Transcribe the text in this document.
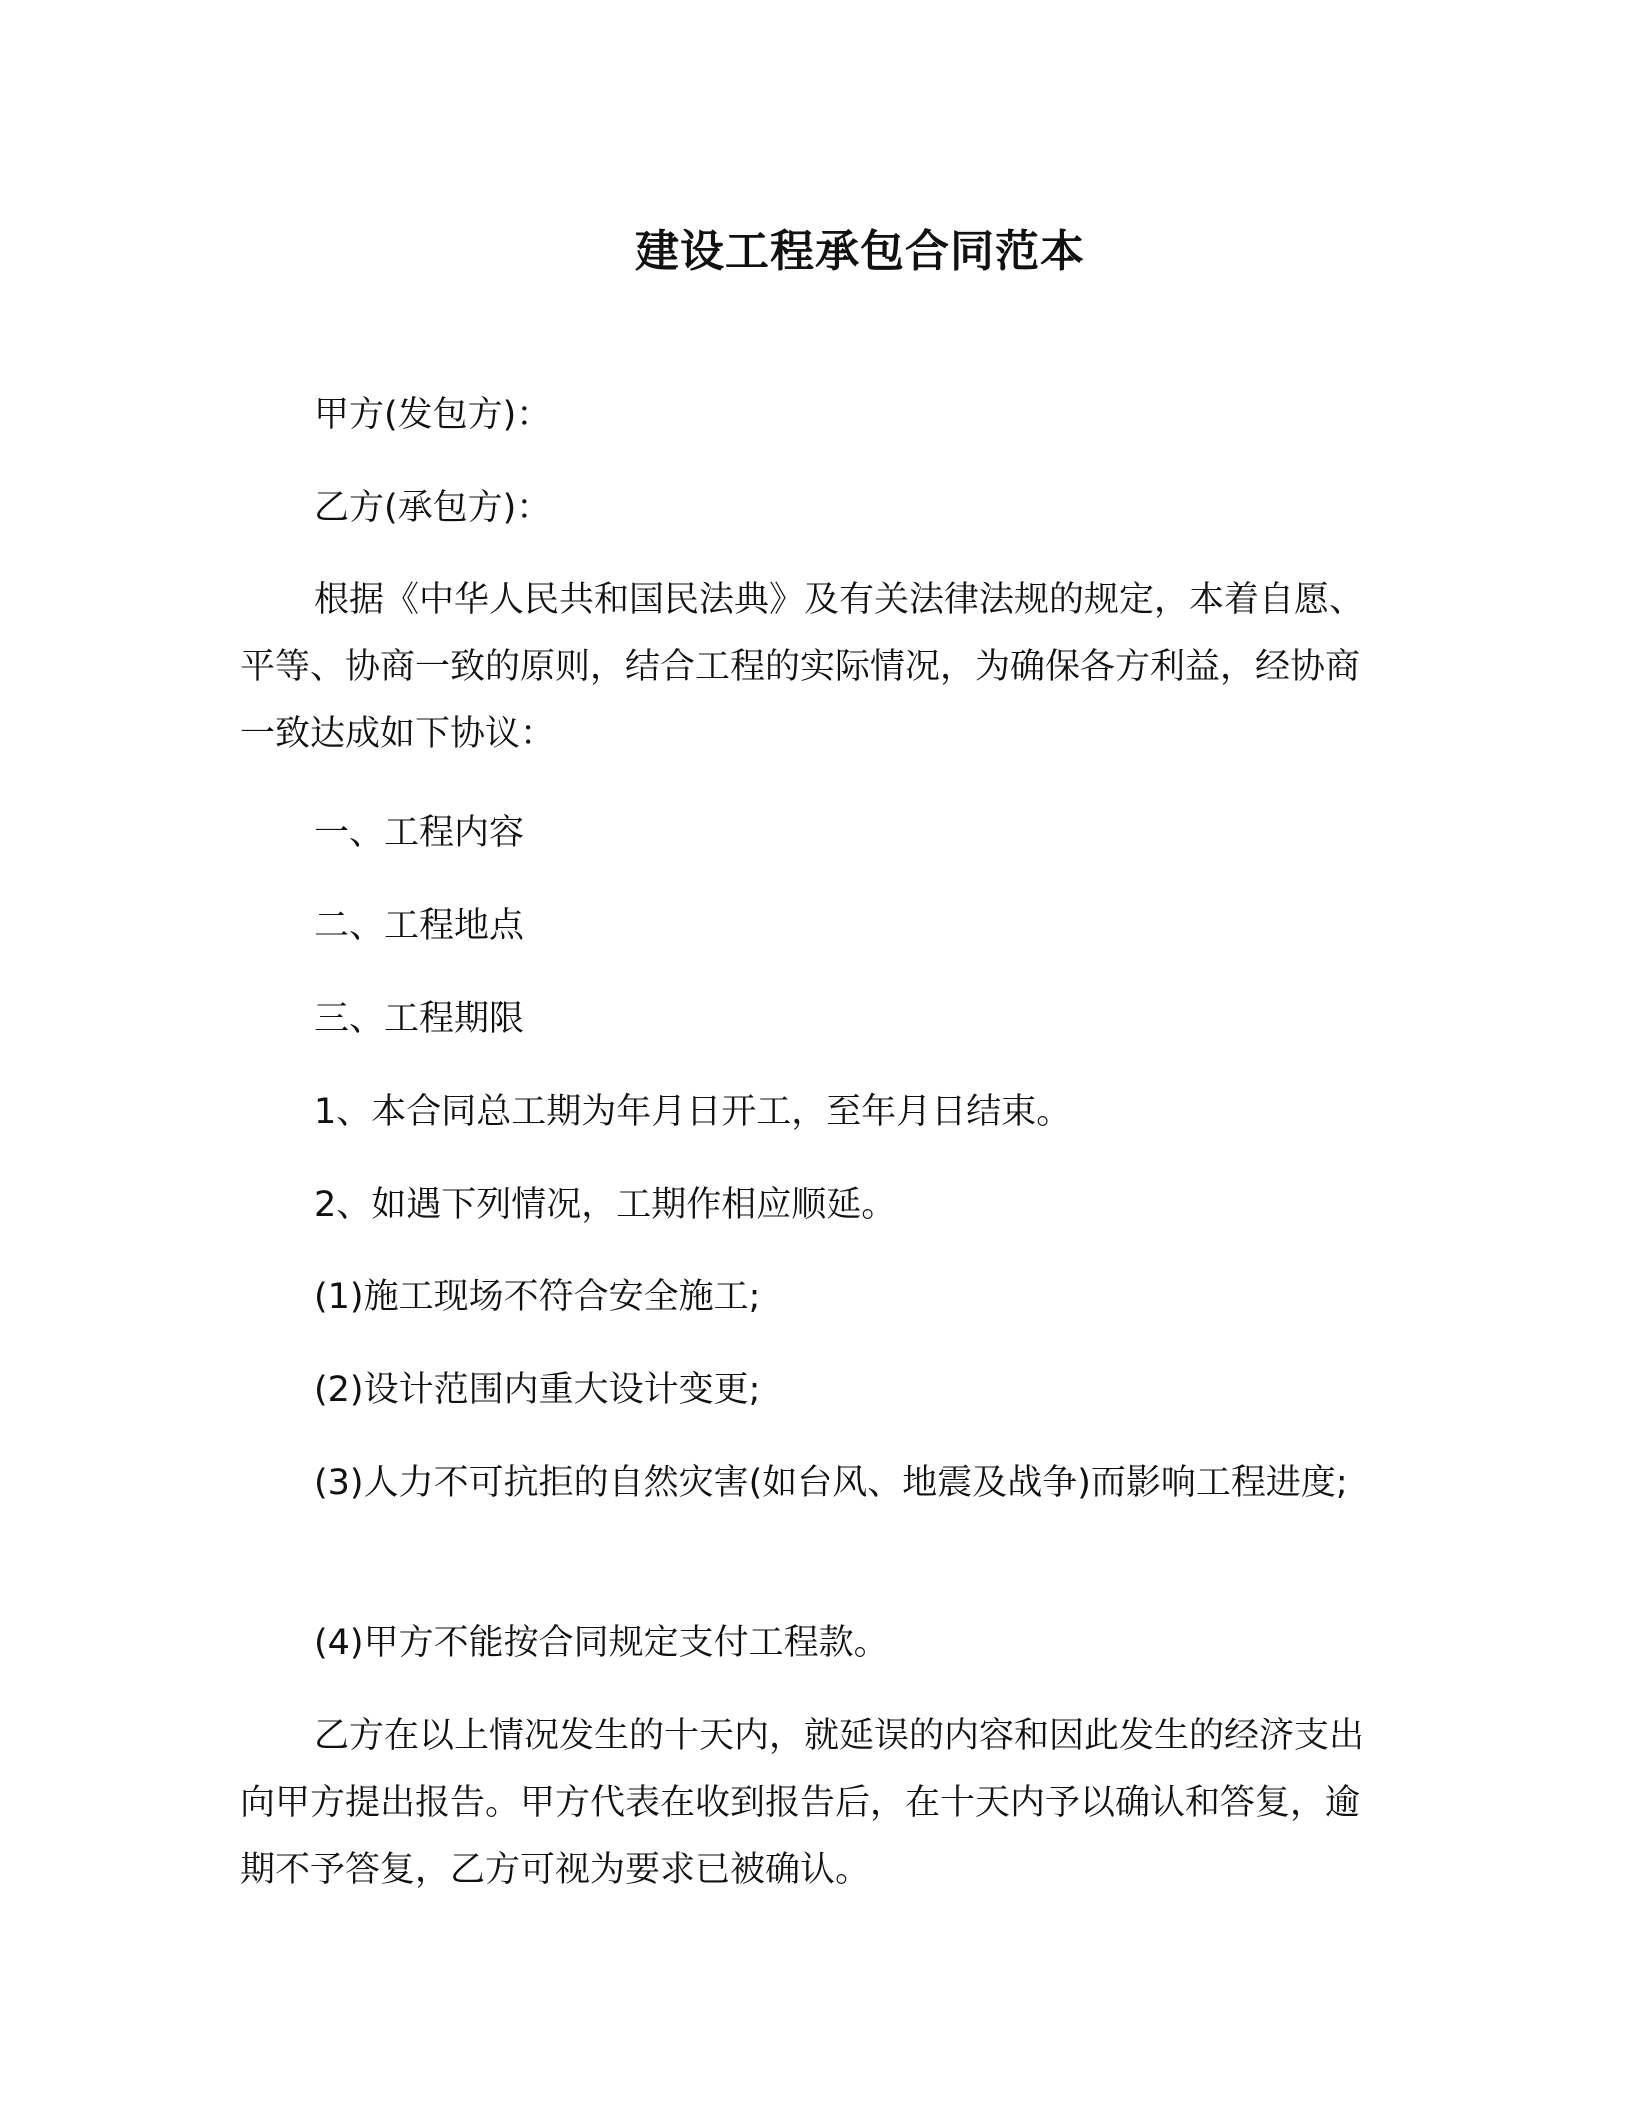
建设工程承包合同范本
甲方(发包方)：
乙方(承包方)：
根据《中华人民共和国民法典》及有关法律法规的规定，本着自愿、平等、协商一致的原则，结合工程的实际情况，为确保各方利益，经协商一致达成如下协议：
一、工程内容
二、工程地点
三、工程期限
1、本合同总工期为年月日开工，至年月日结束。
2、如遇下列情况，工期作相应顺延。
(1)施工现场不符合安全施工;
(2)设计范围内重大设计变更;
(3)人力不可抗拒的自然灾害(如台风、地震及战争)而影响工程进度;
(4)甲方不能按合同规定支付工程款。
乙方在以上情况发生的十天内，就延误的内容和因此发生的经济支出向甲方提出报告。甲方代表在收到报告后，在十天内予以确认和答复，逾期不予答复，乙方可视为要求已被确认。
